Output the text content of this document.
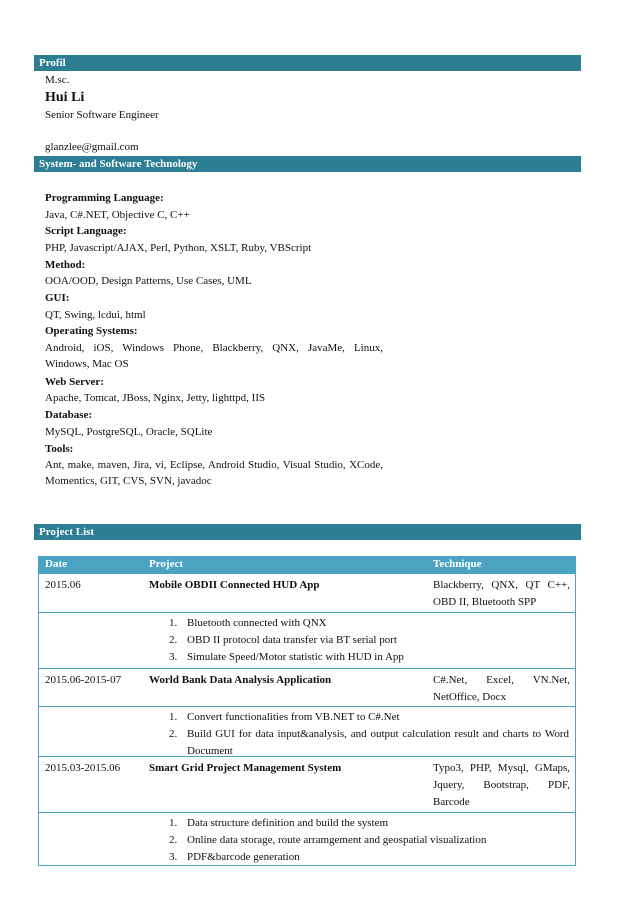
Profil
M.sc.
Hui Li
Senior Software Engineer
glanzlee@gmail.com
System- and Software Technology
Programming Language:
Java, C#.NET, Objective C, C++
Script Language:
PHP, Javascript/AJAX, Perl, Python, XSLT, Ruby, VBScript
Method:
OOA/OOD, Design Patterns, Use Cases, UML
GUI:
QT, Swing, lcdui, html
Operating Systems:
Android, iOS, Windows Phone, Blackberry, QNX, JavaMe, Linux, Windows, Mac OS
Web Server:
Apache, Tomcat, JBoss, Nginx, Jetty, lighttpd, IIS
Database:
MySQL, PostgreSQL, Oracle, SQLite
Tools:
Ant, make, maven, Jira, vi, Eclipse, Android Studio, Visual Studio, XCode, Momentics, GIT, CVS, SVN, javadoc
Project List
Date	Project	Technique
2015.06	Mobile OBDII Connected HUD App	Blackberry, QNX, QT C++,
OBD II, Bluetooth SPP
1. Bluetooth connected with QNX
2. OBD II protocol data transfer via BT serial port
3. Simulate Speed/Motor statistic with HUD in App
2015.06-2015-07	World Bank Data Analysis Application	C#.Net, Excel, VN.Net,
NetOffice, Docx
1. Convert functionalities from VB.NET to C#.Net
2. Build GUI for data input&analysis, and output calculation result and charts to Word Document
2015.03-2015.06	Smart Grid Project Management System	Typo3, PHP, Mysql, GMaps,
Jquery, Bootstrap, PDF,
Barcode
1. Data structure definition and build the system
2. Online data storage, route arramgement and geospatial visualization
3. PDF&barcode generation
